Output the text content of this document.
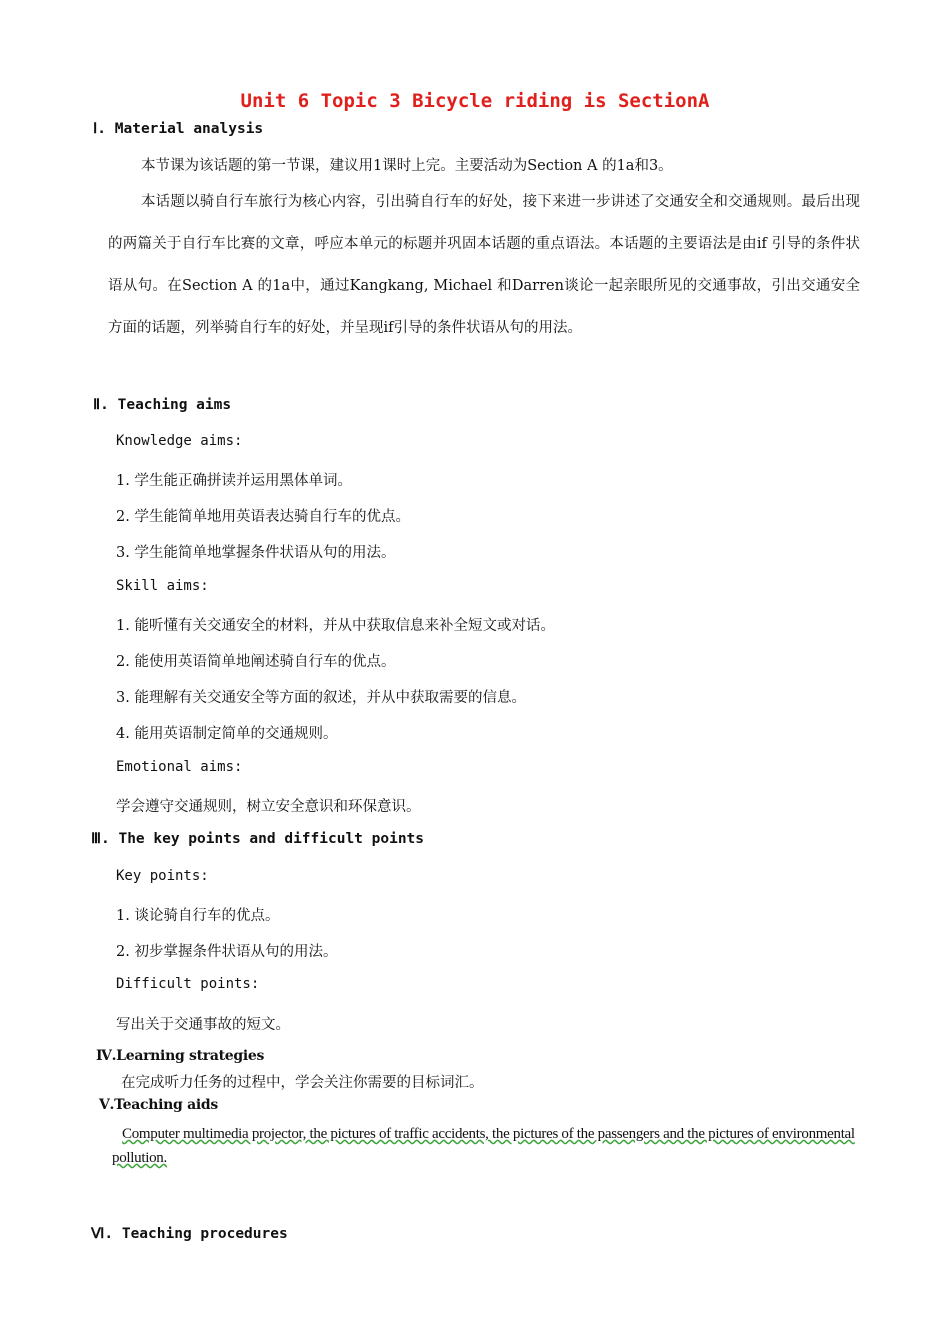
Unit 6 Topic 3 Bicycle riding is SectionA
Ⅰ. Material analysis
本节课为该话题的第一节课，建议用1课时上完。主要活动为Section A 的1a和3。
本话题以骑自行车旅行为核心内容，引出骑自行车的好处，接下来进一步讲述了交通安全和交通规则。最后出现的两篇关于自行车比赛的文章，呼应本单元的标题并巩固本话题的重点语法。本话题的主要语法是由if 引导的条件状语从句。在Section A 的1a中，通过Kangkang, Michael 和Darren谈论一起亲眼所见的交通事故，引出交通安全方面的话题，列举骑自行车的好处，并呈现if引导的条件状语从句的用法。
Ⅱ. Teaching aims
Knowledge aims:
1. 学生能正确拼读并运用黑体单词。
2. 学生能简单地用英语表达骑自行车的优点。
3. 学生能简单地掌握条件状语从句的用法。
Skill aims:
1. 能听懂有关交通安全的材料，并从中获取信息来补全短文或对话。
2. 能使用英语简单地阐述骑自行车的优点。
3. 能理解有关交通安全等方面的叙述，并从中获取需要的信息。
4. 能用英语制定简单的交通规则。
Emotional aims:
学会遵守交通规则，树立安全意识和环保意识。
Ⅲ. The key points and difficult points
Key points:
1. 谈论骑自行车的优点。
2. 初步掌握条件状语从句的用法。
Difficult points:
写出关于交通事故的短文。
Ⅳ.Learning strategies
在完成听力任务的过程中，学会关注你需要的目标词汇。
Ⅴ.Teaching aids
Computer multimedia projector, the pictures of traffic accidents, the pictures of the passengers and the pictures of environmental pollution.
Ⅵ. Teaching procedures
